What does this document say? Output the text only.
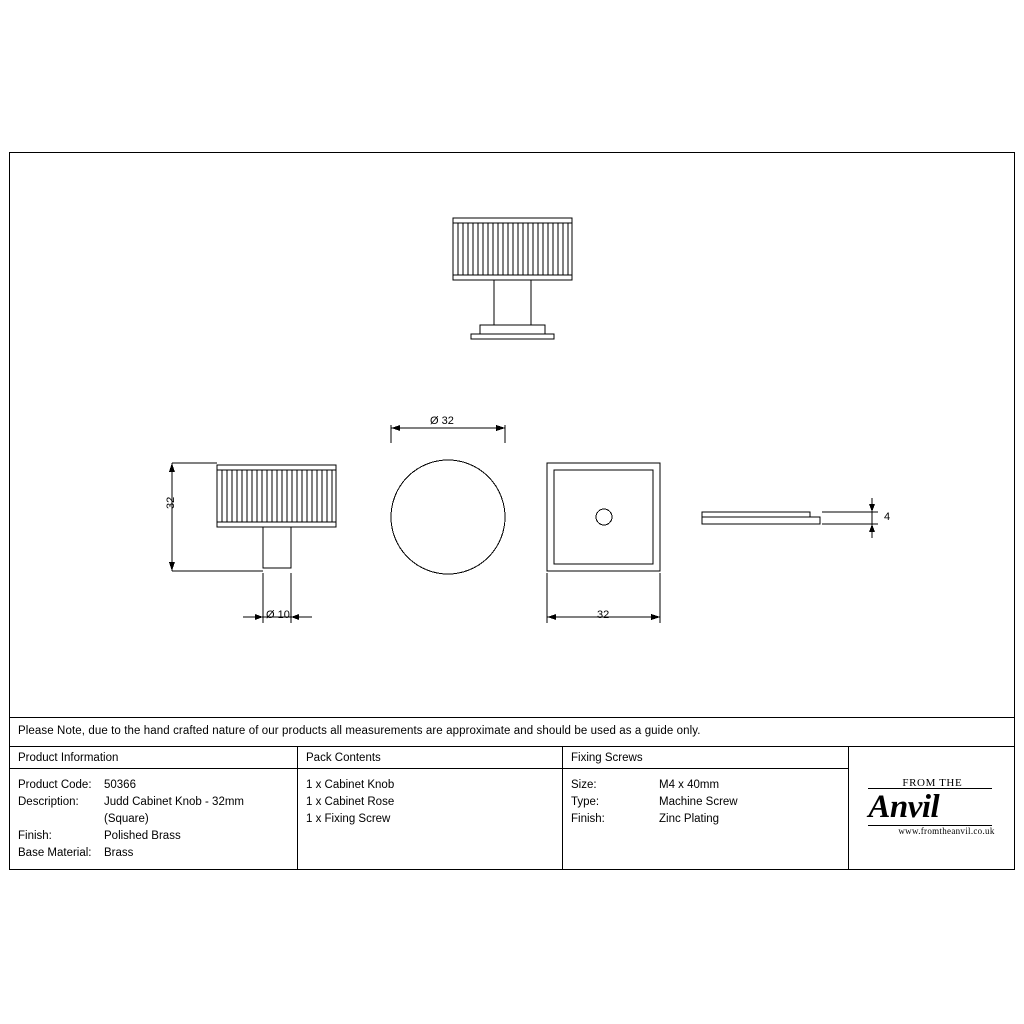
32
Ø 10
Ø 32
32
4
Please Note, due to the hand crafted nature of our products all measurements are approximate and should be used as a guide only.
Product Information
Product Code:	50366
Description:	Judd Cabinet Knob - 32mm
(Square)
Finish:	Polished Brass
Base Material:	Brass
Pack Contents
1 x Cabinet Knob
1 x Cabinet Rose
1 x Fixing Screw
Fixing Screws
Size:	M4 x 40mm
Type:	Machine Screw
Finish:	Zinc Plating
FROM THE
Anvil
www.fromtheanvil.co.uk
